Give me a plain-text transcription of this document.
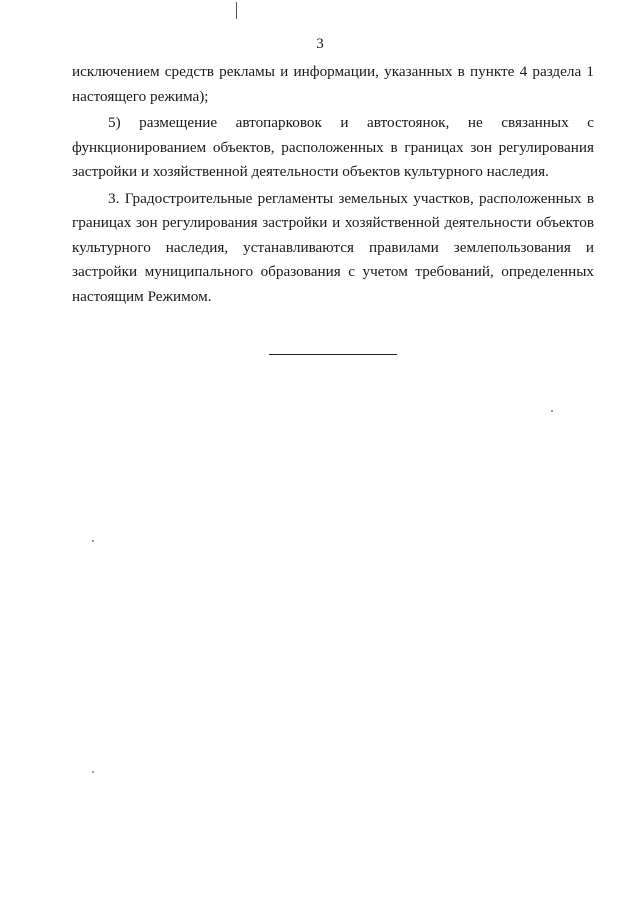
3

исключением средств рекламы и информации, указанных в пункте 4 раздела 1 настоящего режима);

5) размещение автопарковок и автостоянок, не связанных с функционированием объектов, расположенных в границах зон регулирования застройки и хозяйственной деятельности объектов культурного наследия.

3. Градостроительные регламенты земельных участков, расположенных в границах зон регулирования застройки и хозяйственной деятельности объектов культурного наследия, устанавливаются правилами землепользования и застройки муниципального образования с учетом требований, определенных настоящим Режимом.
